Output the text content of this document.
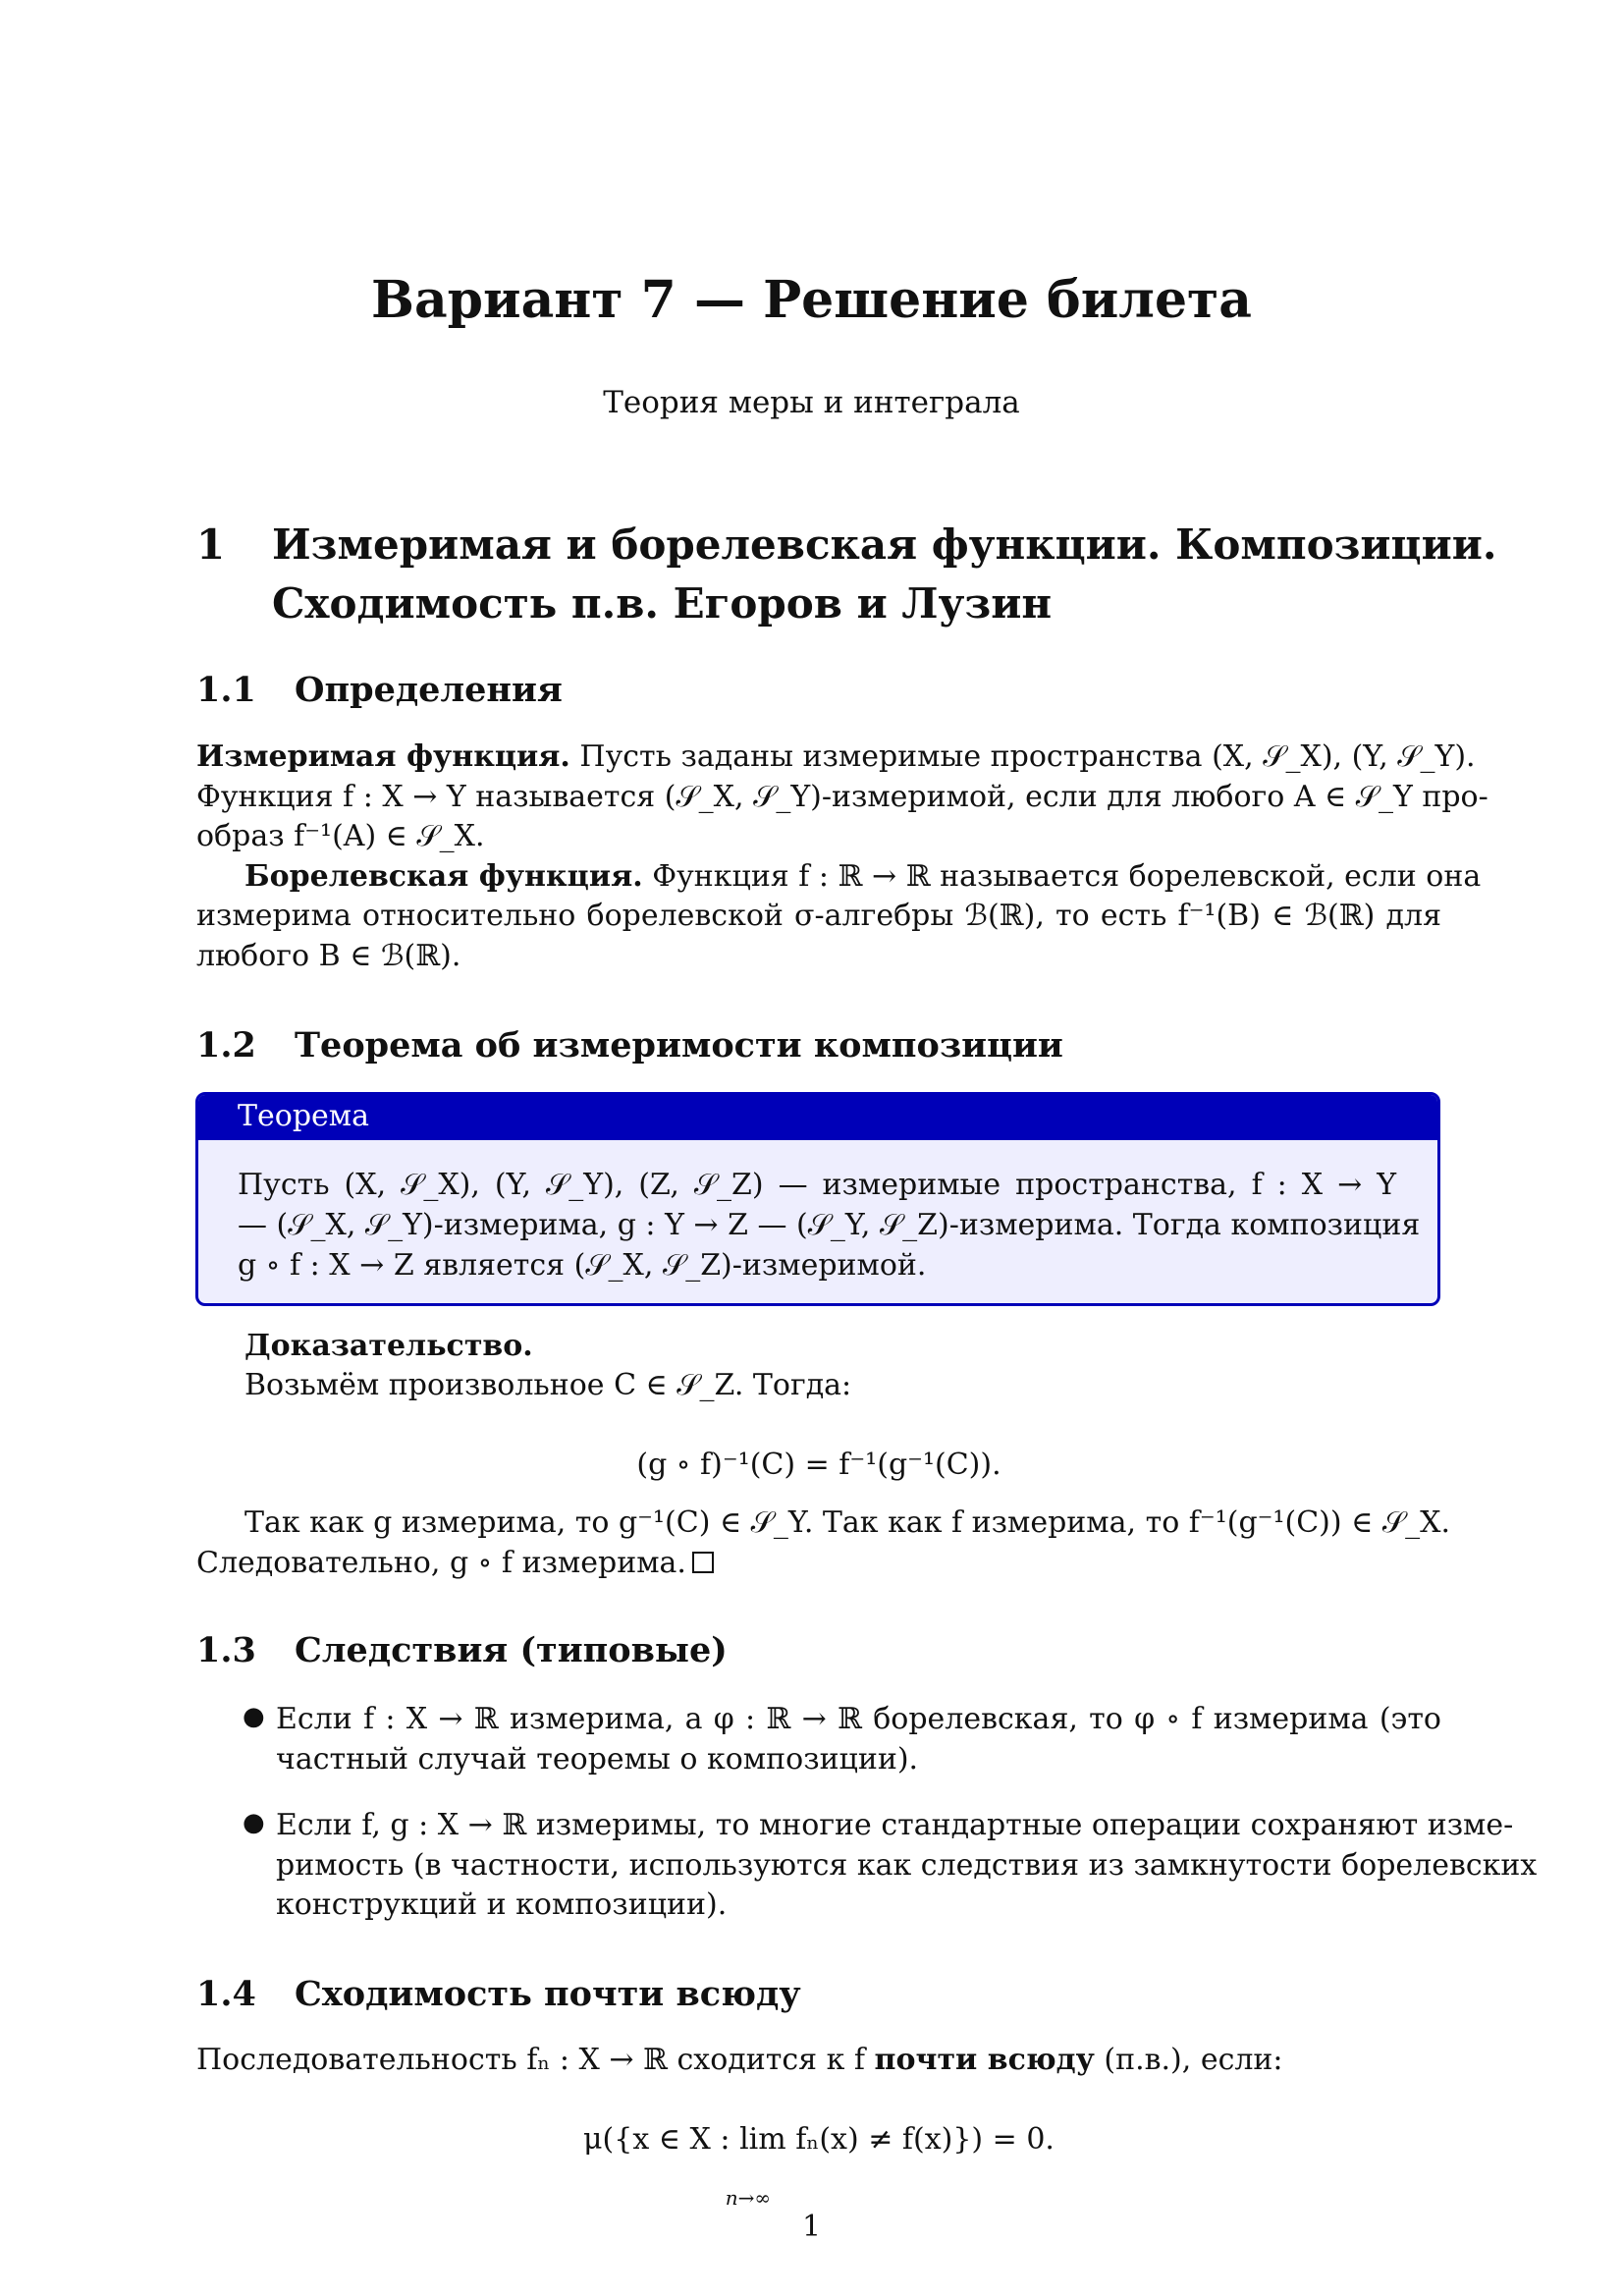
Вариант 7 — Решение билета
Теория меры и интеграла
1 Измеримая и борелевская функции. Композиции.
Сходимость п.в. Егоров и Лузин
1.1 Определения
Измеримая функция. Пусть заданы измеримые пространства (X, 𝒮_X), (Y, 𝒮_Y).
Функция f : X → Y называется (𝒮_X, 𝒮_Y)-измеримой, если для любого A ∈ 𝒮_Y про-
образ f⁻¹(A) ∈ 𝒮_X.
Борелевская функция. Функция f : ℝ → ℝ называется борелевской, если она
измерима относительно борелевской σ-алгебры ℬ(ℝ), то есть f⁻¹(B) ∈ ℬ(ℝ) для
любого B ∈ ℬ(ℝ).
1.2 Теорема об измеримости композиции
Теорема
Пусть (X, 𝒮_X), (Y, 𝒮_Y), (Z, 𝒮_Z) — измеримые пространства, f : X → Y
— (𝒮_X, 𝒮_Y)-измерима, g : Y → Z — (𝒮_Y, 𝒮_Z)-измерима. Тогда композиция
g ∘ f : X → Z является (𝒮_X, 𝒮_Z)-измеримой.
Доказательство.
Возьмём произвольное C ∈ 𝒮_Z. Тогда:
(g ∘ f)⁻¹(C) = f⁻¹(g⁻¹(C)).
Так как g измерима, то g⁻¹(C) ∈ 𝒮_Y. Так как f измерима, то f⁻¹(g⁻¹(C)) ∈ 𝒮_X.
Следовательно, g ∘ f измерима.
1.3 Следствия (типовые)
● Если f : X → ℝ измерима, а φ : ℝ → ℝ борелевская, то φ ∘ f измерима (это
частный случай теоремы о композиции).
● Если f, g : X → ℝ измеримы, то многие стандартные операции сохраняют изме-
римость (в частности, используются как следствия из замкнутости борелевских
конструкций и композиции).
1.4 Сходимость почти всюду
Последовательность fₙ : X → ℝ сходится к f почти всюду (п.в.), если:
μ({x ∈ X : lim
n→∞
fₙ(x) ≠ f(x)}) = 0.
1
